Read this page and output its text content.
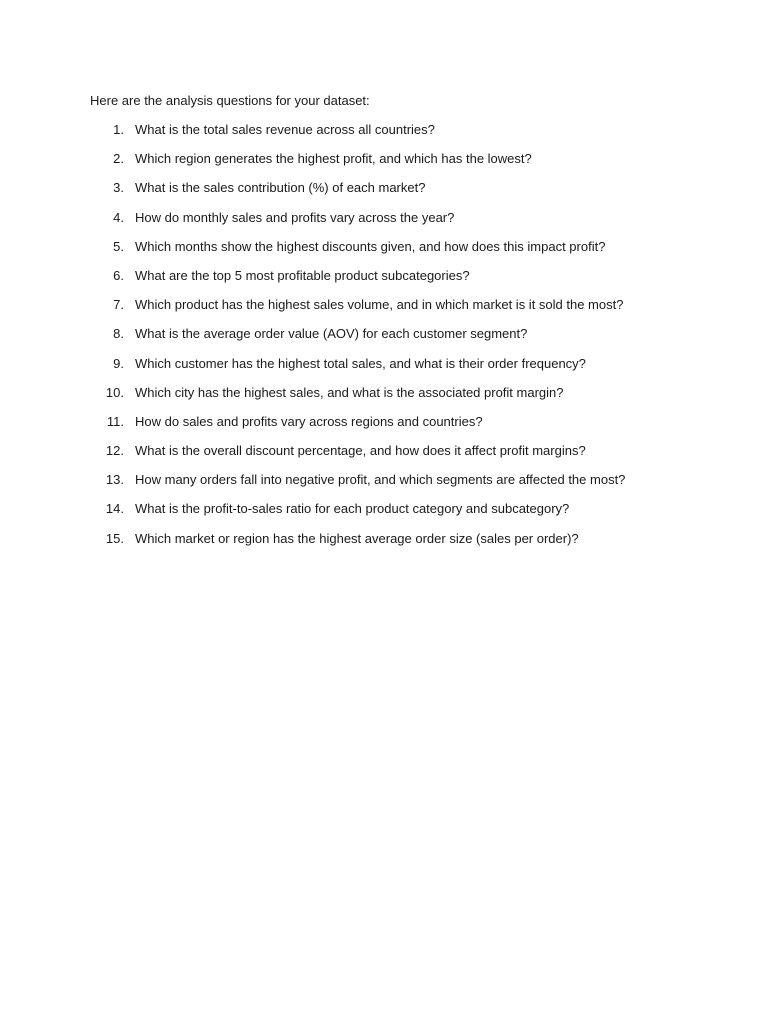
Here are the analysis questions for your dataset:
1. What is the total sales revenue across all countries?
2. Which region generates the highest profit, and which has the lowest?
3. What is the sales contribution (%) of each market?
4. How do monthly sales and profits vary across the year?
5. Which months show the highest discounts given, and how does this impact profit?
6. What are the top 5 most profitable product subcategories?
7. Which product has the highest sales volume, and in which market is it sold the most?
8. What is the average order value (AOV) for each customer segment?
9. Which customer has the highest total sales, and what is their order frequency?
10. Which city has the highest sales, and what is the associated profit margin?
11. How do sales and profits vary across regions and countries?
12. What is the overall discount percentage, and how does it affect profit margins?
13. How many orders fall into negative profit, and which segments are affected the most?
14. What is the profit-to-sales ratio for each product category and subcategory?
15. Which market or region has the highest average order size (sales per order)?
